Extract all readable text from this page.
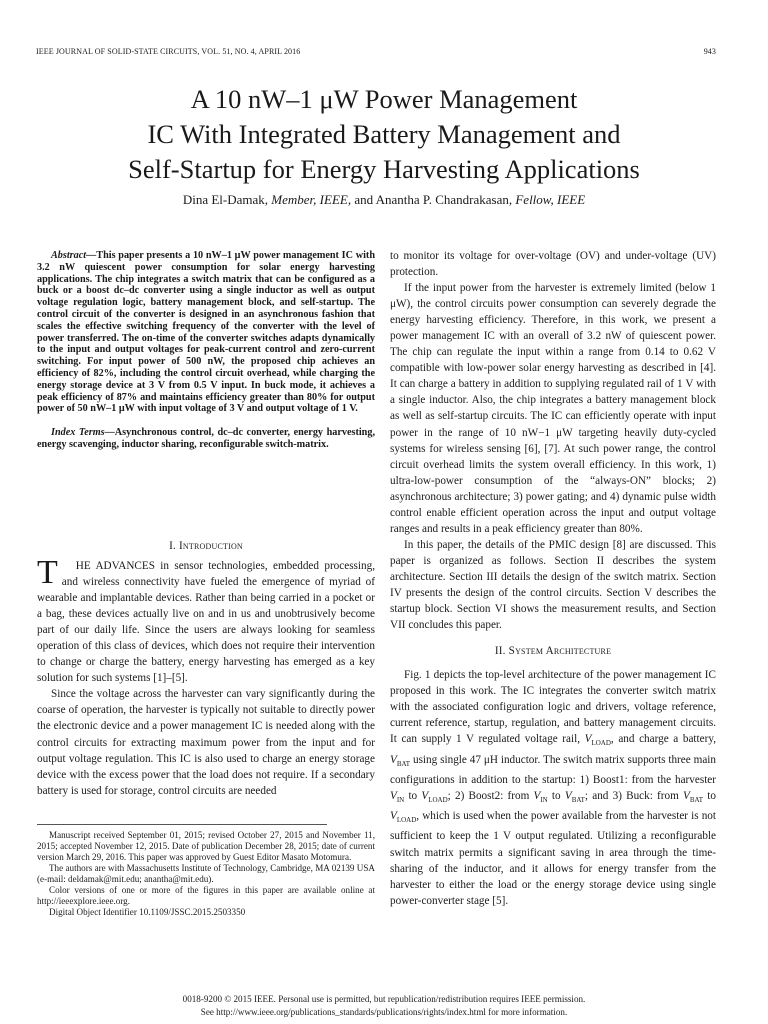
IEEE JOURNAL OF SOLID-STATE CIRCUITS, VOL. 51, NO. 4, APRIL 2016	943
A 10 nW–1 μW Power Management
IC With Integrated Battery Management and
Self-Startup for Energy Harvesting Applications
Dina El-Damak, Member, IEEE, and Anantha P. Chandrakasan, Fellow, IEEE

Abstract—This paper presents a 10 nW–1 μW power management IC with 3.2 nW quiescent power consumption for solar energy harvesting applications. The chip integrates a switch matrix that can be configured as a buck or a boost dc–dc converter using a single inductor as well as output voltage regulation logic, battery management block, and self-startup. The control circuit of the converter is designed in an asynchronous fashion that scales the effective switching frequency of the converter with the level of power transferred. The on-time of the converter switches adapts dynamically to the input and output voltages for peak-current control and zero-current switching. For input power of 500 nW, the proposed chip achieves an efficiency of 82%, including the control circuit overhead, while charging the energy storage device at 3 V from 0.5 V input. In buck mode, it achieves a peak efficiency of 87% and maintains efficiency greater than 80% for output power of 50 nW–1 μW with input voltage of 3 V and output voltage of 1 V.

Index Terms—Asynchronous control, dc–dc converter, energy harvesting, energy scavenging, inductor sharing, reconfigurable switch-matrix.

I. Introduction

T HE ADVANCES in sensor technologies, embedded processing, and wireless connectivity have fueled the emergence of myriad of wearable and implantable devices. Rather than being carried in a pocket or a bag, these devices actually live on and in us and unobtrusively become part of our daily life. Since the users are always looking for seamless operation of this class of devices, which does not require their intervention to change or charge the battery, energy harvesting has emerged as a key solution for such systems [1]–[5].

Since the voltage across the harvester can vary significantly during the coarse of operation, the harvester is typically not suitable to directly power the electronic device and a power management IC is needed along with the control circuits for extracting maximum power from the input and for output voltage regulation. This IC is also used to charge an energy storage device with the excess power that the load does not require. If a secondary battery is used for storage, control circuits are needed

Manuscript received September 01, 2015; revised October 27, 2015 and November 11, 2015; accepted November 12, 2015. Date of publication December 28, 2015; date of current version March 29, 2016. This paper was approved by Guest Editor Masato Motomura.

The authors are with Massachusetts Institute of Technology, Cambridge, MA 02139 USA (e-mail: deldamak@mit.edu; anantha@mit.edu).

Color versions of one or more of the figures in this paper are available online at http://ieeexplore.ieee.org.

Digital Object Identifier 10.1109/JSSC.2015.2503350

to monitor its voltage for over-voltage (OV) and under-voltage (UV) protection.

If the input power from the harvester is extremely limited (below 1 μW), the control circuits power consumption can severely degrade the energy harvesting efficiency. Therefore, in this work, we present a power management IC with an overall of 3.2 nW of quiescent power. The chip can regulate the input within a range from 0.14 to 0.62 V compatible with low-power solar energy harvesting as described in [4]. It can charge a battery in addition to supplying regulated rail of 1 V with a single inductor. Also, the chip integrates a battery management block as well as self-startup circuits. The IC can efficiently operate with input power in the range of 10 nW−1 μW targeting heavily duty-cycled systems for wireless sensing [6], [7]. At such power range, the control circuit overhead limits the system overall efficiency. In this work, 1) ultra-low-power consumption of the “always-ON” blocks; 2) asynchronous architecture; 3) power gating; and 4) dynamic pulse width control enable efficient operation across the input and output voltage ranges and results in a peak efficiency greater than 80%.

In this paper, the details of the PMIC design [8] are discussed. This paper is organized as follows. Section II describes the system architecture. Section III details the design of the switch matrix. Section IV presents the design of the control circuits. Section V describes the startup block. Section VI shows the measurement results, and Section VII concludes this paper.

II. System Architecture

Fig. 1 depicts the top-level architecture of the power management IC proposed in this work. The IC integrates the converter switch matrix with the associated configuration logic and drivers, voltage reference, current reference, startup, regulation, and battery management circuits. It can supply 1 V regulated voltage rail, $V_{LOAD}$, and charge a battery, $V_{BAT}$ using single 47 μH inductor. The switch matrix supports three main configurations in addition to the startup: 1) Boost1: from the harvester $V_{IN}$ to $V_{LOAD}$; 2) Boost2: from $V_{IN}$ to $V_{BAT}$; and 3) Buck: from $V_{BAT}$ to $V_{LOAD}$, which is used when the power available from the harvester is not sufficient to keep the 1 V output regulated. Utilizing a reconfigurable switch matrix permits a significant saving in area through the time-sharing of the inductor, and it allows for energy transfer from the harvester to either the load or the energy storage device using single power-converter stage [5].

0018-9200 © 2015 IEEE. Personal use is permitted, but republication/redistribution requires IEEE permission.
See http://www.ieee.org/publications_standards/publications/rights/index.html for more information.
